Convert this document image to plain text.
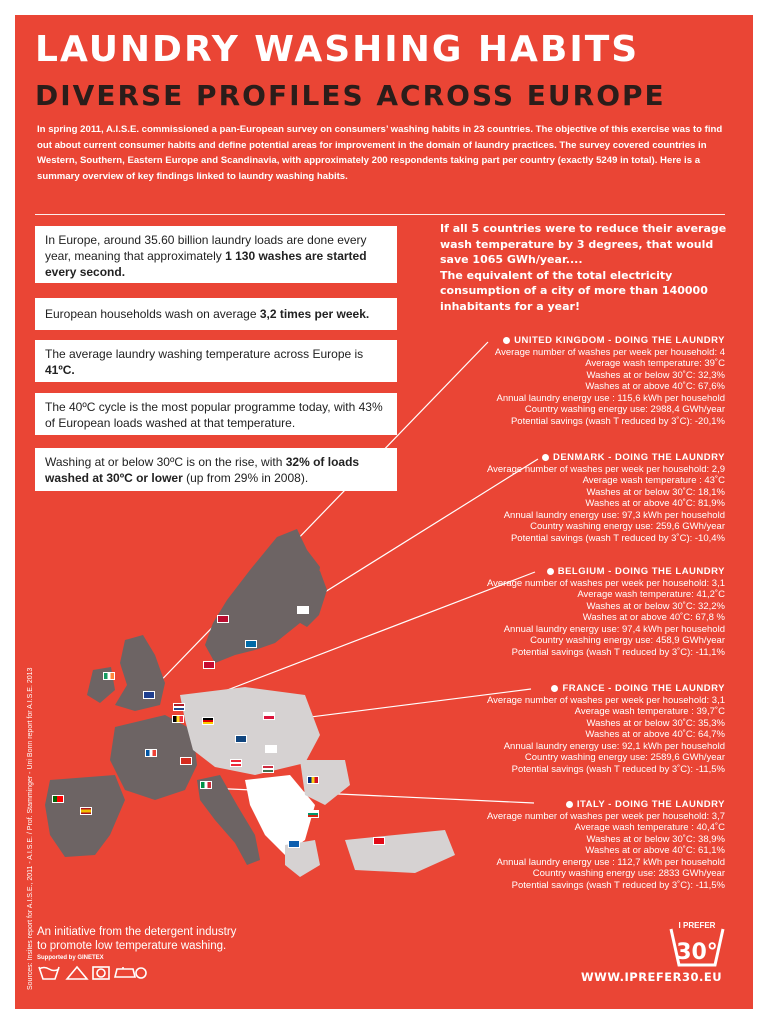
LAUNDRY WASHING HABITS
DIVERSE PROFILES ACROSS EUROPE
In spring 2011, A.I.S.E. commissioned a pan-European survey on consumers’ washing habits in 23 countries. The objective of this exercise was to find out about current consumer habits and define potential areas for improvement in the domain of laundry practices. The survey covered countries in Western, Southern, Eastern Europe and Scandinavia, with approximately 200 respondents taking part per country (exactly 5249 in total). Here is a summary overview of key findings linked to laundry washing habits.
In Europe, around 35.60 billion laundry loads are done every year, meaning that approximately 1 130 washes are started every second.
European households wash on average 3,2 times per week.
The average laundry washing temperature across Europe is 41ºC.
The 40ºC cycle is the most popular programme today, with 43% of European loads washed at that temperature.
Washing at or below 30ºC is on the rise, with 32% of loads washed at 30ºC or lower (up from 29% in 2008).
If all 5 countries were to reduce their average wash temperature by 3 degrees, that would save 1065 GWh/year....
The equivalent of the total electricity consumption of a city of more than 140000 inhabitants for a year!
UNITED KINGDOM - DOING THE LAUNDRY
Average number of washes per week per household: 4
Average wash temperature: 39˚C
Washes at or below 30˚C: 32,3%
Washes at or above 40˚C: 67,6%
Annual laundry energy use : 115,6 kWh per household
Country washing energy use: 2988,4 GWh/year
Potential savings (wash T reduced by 3˚C): -20,1%
DENMARK - DOING THE LAUNDRY
Average number of washes per week per household: 2,9
Average wash temperature : 43˚C
Washes at or below 30˚C: 18,1%
Washes at or above 40˚C: 81,9%
Annual laundry energy use: 97,3 kWh per household
Country washing energy use: 259,6 GWh/year
Potential savings (wash T reduced by 3˚C): -10,4%
BELGIUM - DOING THE LAUNDRY
Average number of washes per week per household: 3,1
Average wash temperature: 41,2˚C
Washes at or below 30˚C: 32,2%
Washes at or above 40˚C: 67,8 %
Annual laundry energy use: 97,4 kWh per household
Country washing energy use: 458,9 GWh/year
Potential savings (wash T reduced by 3˚C): -11,1%
FRANCE - DOING THE LAUNDRY
Average number of washes per week per household: 3,1
Average wash temperature : 39,7˚C
Washes at or below 30˚C: 35,3%
Washes at or above 40˚C: 64,7%
Annual laundry energy use: 92,1 kWh per household
Country washing energy use: 2589,6 GWh/year
Potential savings (wash T reduced by 3˚C): -11,5%
ITALY - DOING THE LAUNDRY
Average number of washes per week per household: 3,7
Average wash temperature : 40,4˚C
Washes at or below 30˚C: 38,9%
Washes at or above 40˚C: 61,1%
Annual laundry energy use : 112,7 kWh per household
Country washing energy use: 2833 GWh/year
Potential savings (wash T reduced by 3˚C): -11,5%
Sources: Insites report for A.I.S.E., 2011 - A.I.S.E. / Prof. Stamminger - Uni Bonn report for A.I.S.E. 2013 An initiative from the detergent industry
to promote low temperature washing.
Supported by GINETEX
I PREFER
30°
WWW.IPREFER30.EU
